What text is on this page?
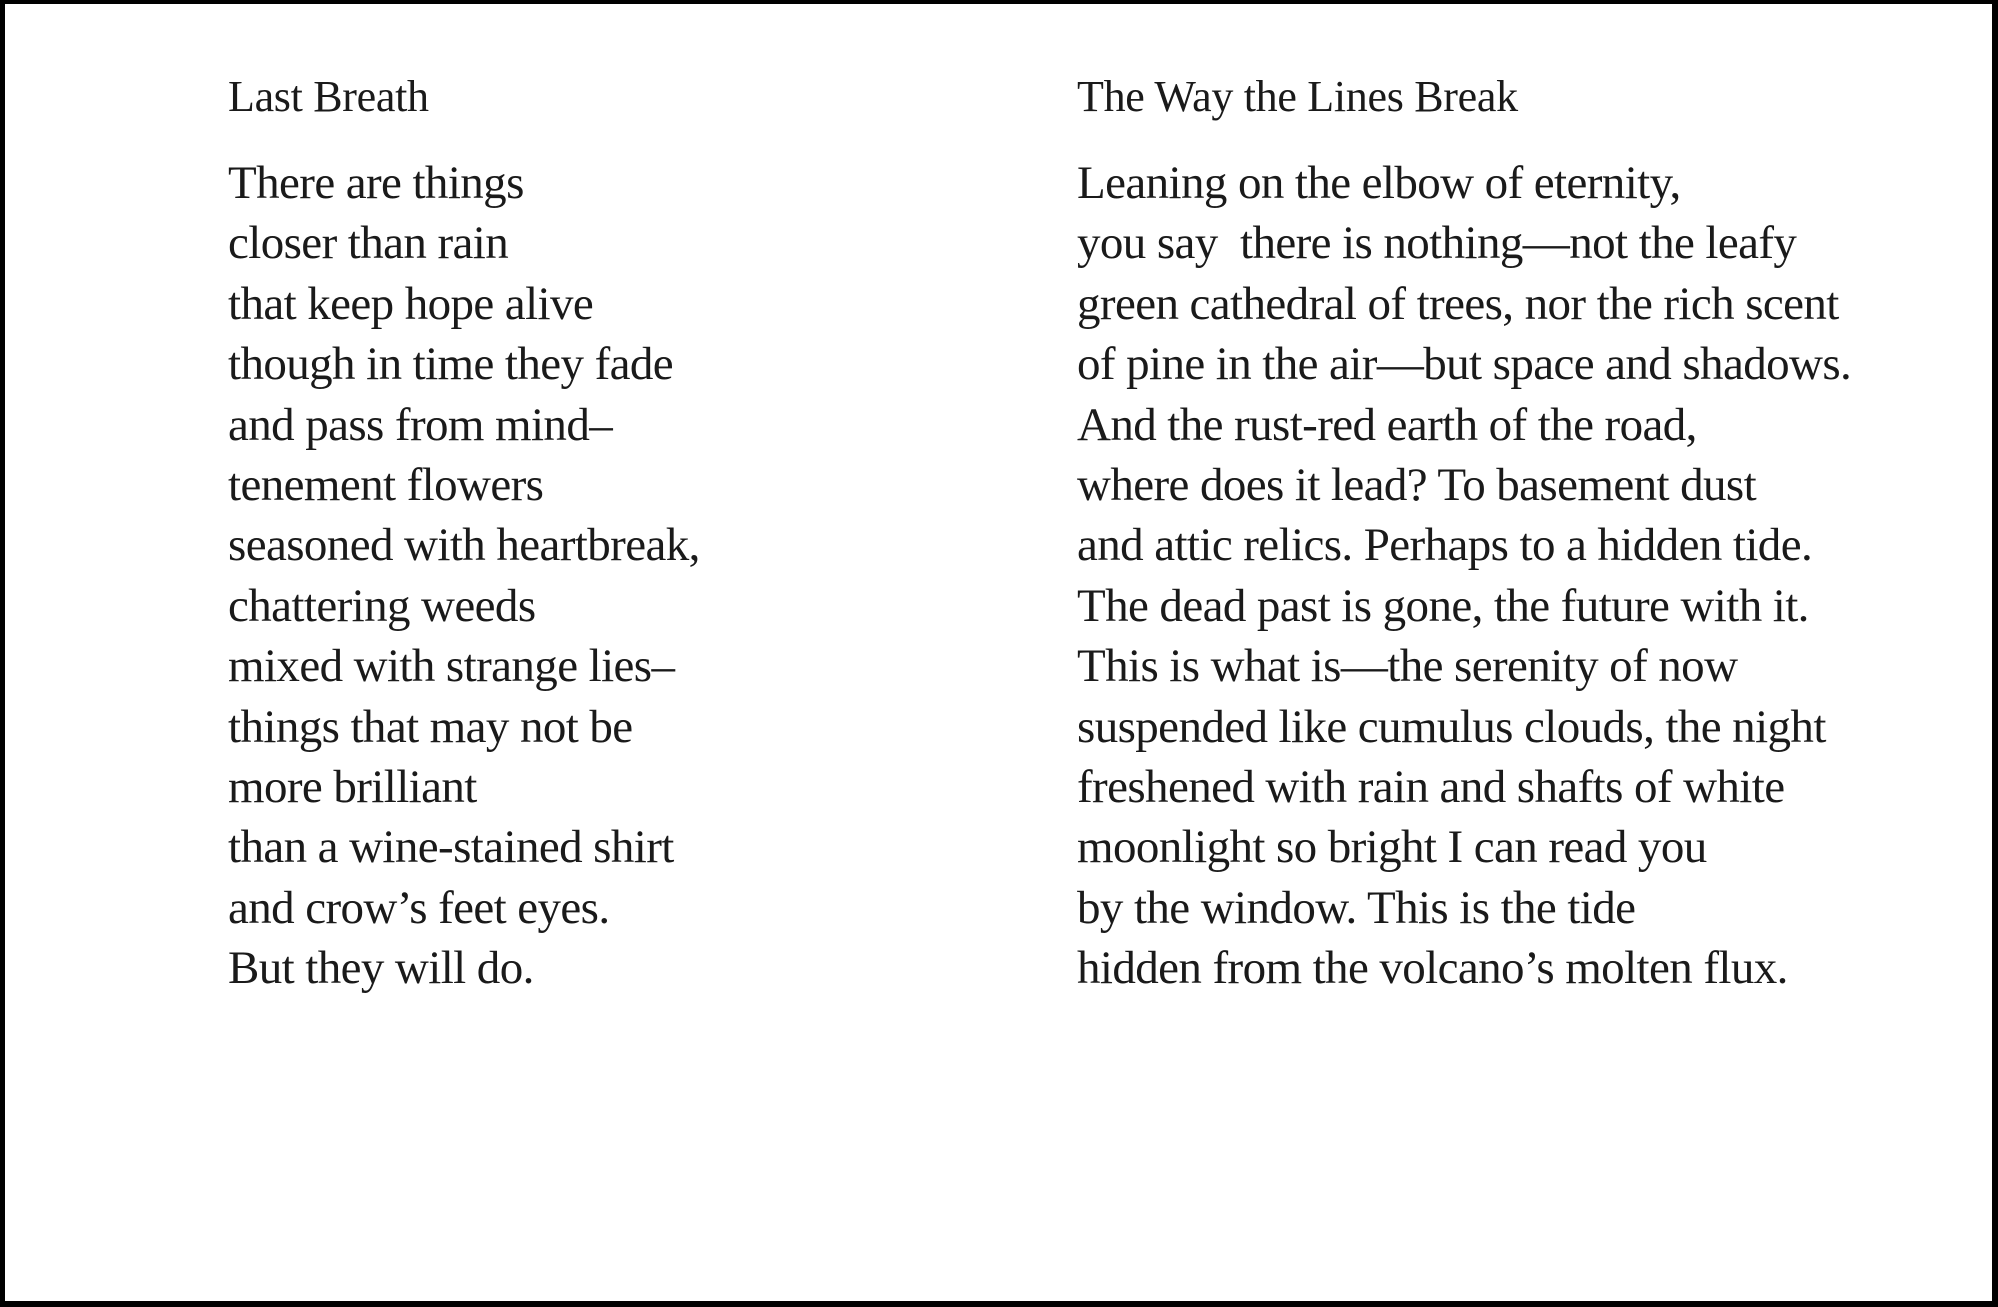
Last Breath
There are things
closer than rain
that keep hope alive
though in time they fade
and pass from mind–
tenement flowers
seasoned with heartbreak,
chattering weeds
mixed with strange lies–
things that may not be
more brilliant
than a wine-stained shirt
and crow’s feet eyes.
But they will do.
The Way the Lines Break
Leaning on the elbow of eternity,
you say  there is nothing—not the leafy
green cathedral of trees, nor the rich scent
of pine in the air—but space and shadows.
And the rust-red earth of the road,
where does it lead? To basement dust
and attic relics. Perhaps to a hidden tide.
The dead past is gone, the future with it.
This is what is—the serenity of now
suspended like cumulus clouds, the night
freshened with rain and shafts of white
moonlight so bright I can read you
by the window. This is the tide
hidden from the volcano’s molten flux.
